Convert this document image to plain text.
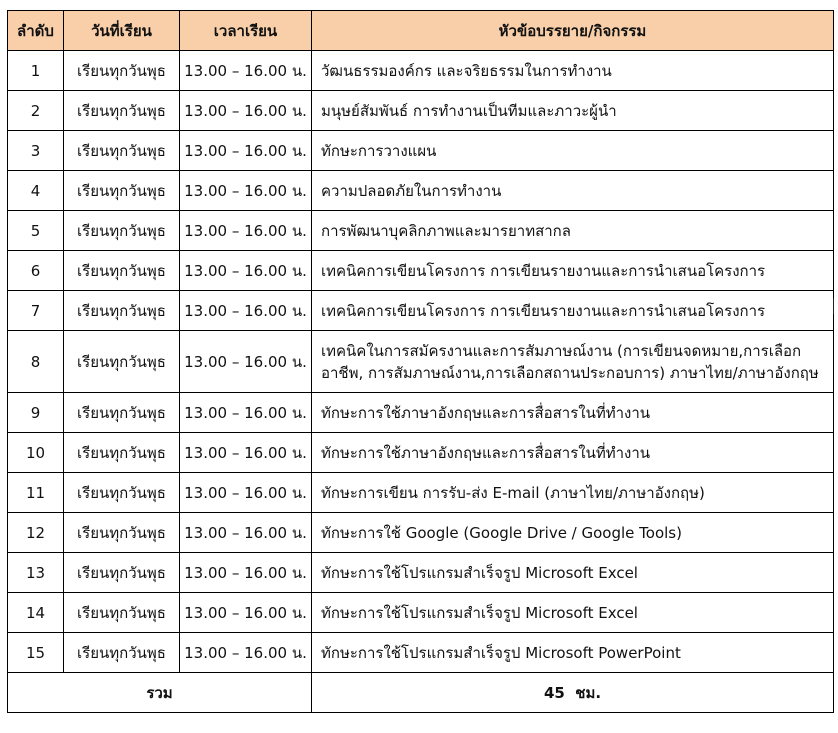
ลำดับ	วันที่เรียน	เวลาเรียน	หัวข้อบรรยาย/กิจกรรม
1	เรียนทุกวันพุธ	13.00 – 16.00 น.	วัฒนธรรมองค์กร และจริยธรรมในการทำงาน
2	เรียนทุกวันพุธ	13.00 – 16.00 น.	มนุษย์สัมพันธ์ การทำงานเป็นทีมและภาวะผู้นำ
3	เรียนทุกวันพุธ	13.00 – 16.00 น.	ทักษะการวางแผน
4	เรียนทุกวันพุธ	13.00 – 16.00 น.	ความปลอดภัยในการทำงาน
5	เรียนทุกวันพุธ	13.00 – 16.00 น.	การพัฒนาบุคลิกภาพและมารยาทสากล
6	เรียนทุกวันพุธ	13.00 – 16.00 น.	เทคนิคการเขียนโครงการ การเขียนรายงานและการนำเสนอโครงการ
7	เรียนทุกวันพุธ	13.00 – 16.00 น.	เทคนิคการเขียนโครงการ การเขียนรายงานและการนำเสนอโครงการ
8	เรียนทุกวันพุธ	13.00 – 16.00 น.	เทคนิคในการสมัครงานและการสัมภาษณ์งาน (การเขียนจดหมาย,การเลือกอาชีพ, การสัมภาษณ์งาน,การเลือกสถานประกอบการ) ภาษาไทย/ภาษาอังกฤษ
9	เรียนทุกวันพุธ	13.00 – 16.00 น.	ทักษะการใช้ภาษาอังกฤษและการสื่อสารในที่ทำงาน
10	เรียนทุกวันพุธ	13.00 – 16.00 น.	ทักษะการใช้ภาษาอังกฤษและการสื่อสารในที่ทำงาน
11	เรียนทุกวันพุธ	13.00 – 16.00 น.	ทักษะการเขียน การรับ-ส่ง E-mail (ภาษาไทย/ภาษาอังกฤษ)
12	เรียนทุกวันพุธ	13.00 – 16.00 น.	ทักษะการใช้ Google (Google Drive / Google Tools)
13	เรียนทุกวันพุธ	13.00 – 16.00 น.	ทักษะการใช้โปรแกรมสำเร็จรูป Microsoft Excel
14	เรียนทุกวันพุธ	13.00 – 16.00 น.	ทักษะการใช้โปรแกรมสำเร็จรูป Microsoft Excel
15	เรียนทุกวันพุธ	13.00 – 16.00 น.	ทักษะการใช้โปรแกรมสำเร็จรูป Microsoft PowerPoint
รวม			45  ชม.
